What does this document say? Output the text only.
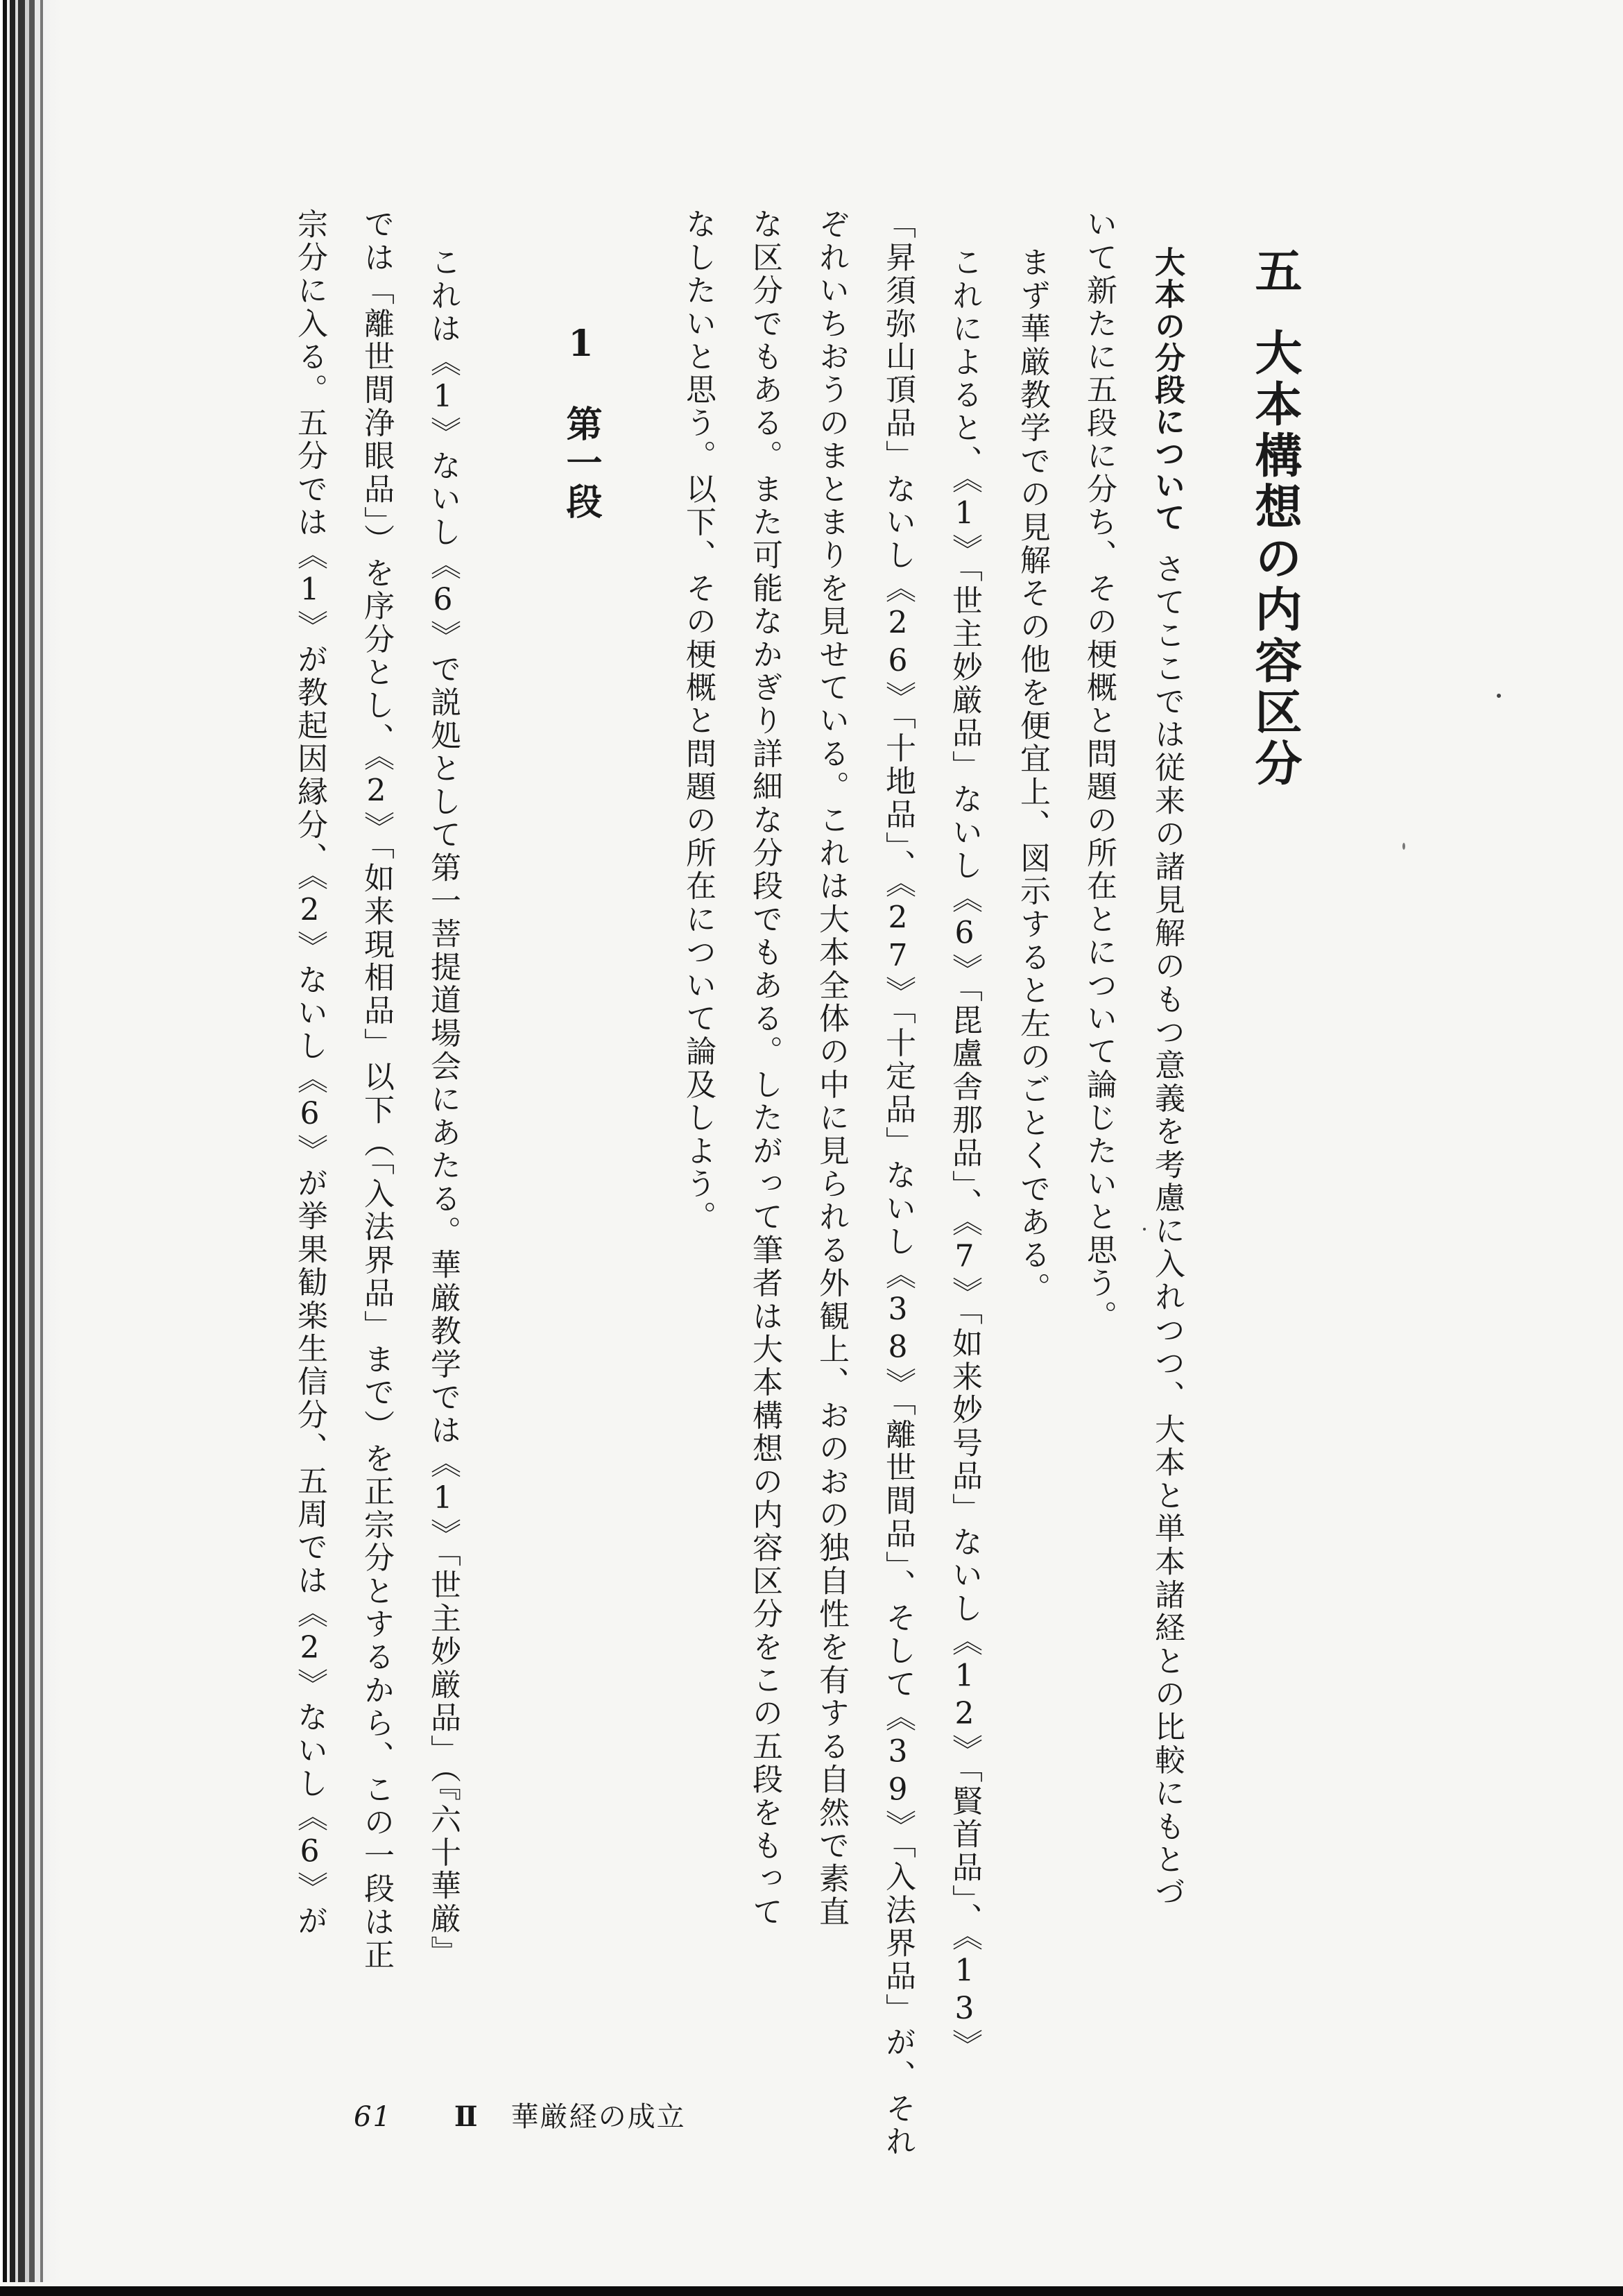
五大本構想の内容区分

大本の分段についてさてここでは従来の諸見解のもつ意義を考慮に入れつつ、大本と単本諸経との比較にもとづ

いて新たに五段に分ち、その梗概と問題の所在とについて論じたいと思う。

まず華厳教学での見解その他を便宜上、図示すると左のごとくである。

これによると、《1》「世主妙厳品」ないし《6》「毘盧舎那品」、《7》「如来妙号品」ないし《12》「賢首品」、《13》

「昇須弥山頂品」ないし《26》「十地品」、《27》「十定品」ないし《38》「離世間品」、そして《39》「入法界品」が、それ

ぞれいちおうのまとまりを見せている。これは大本全体の中に見られる外観上、おのおの独自性を有する自然で素直

な区分でもある。また可能なかぎり詳細な分段でもある。したがって筆者は大本構想の内容区分をこの五段をもって

なしたいと思う。以下、その梗概と問題の所在について論及しよう。

1第一段

これは《1》ないし《6》で説処として第一菩提道場会にあたる。華厳教学では《1》「世主妙厳品」（『六十華厳』

では「離世間浄眼品」）を序分とし、《2》「如来現相品」以下（「入法界品」まで）を正宗分とするから、この一段は正

宗分に入る。五分では《1》が教起因縁分、《2》ないし《6》が挙果勧楽生信分、五周では《2》ないし《6》が

61 Ⅱ 華厳経の成立
